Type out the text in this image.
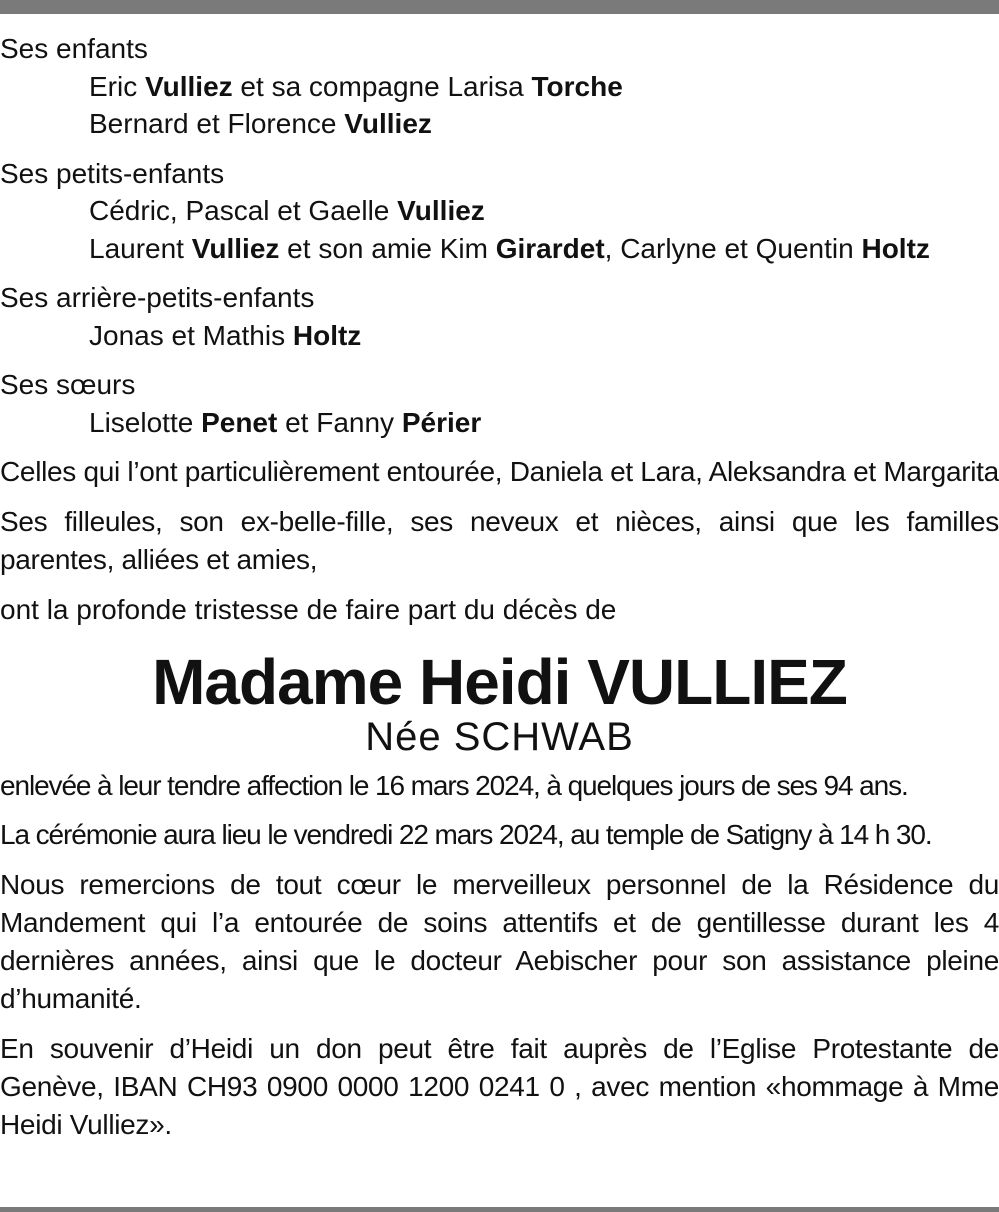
Ses enfants
Eric Vulliez et sa compagne Larisa Torche
Bernard et Florence Vulliez
Ses petits-enfants
Cédric, Pascal et Gaelle Vulliez
Laurent Vulliez et son amie Kim Girardet, Carlyne et Quentin Holtz
Ses arrière-petits-enfants
Jonas et Mathis Holtz
Ses sœurs
Liselotte Penet et Fanny Périer
Celles qui l’ont particulièrement entourée, Daniela et Lara, Aleksandra et Margarita
Ses filleules, son ex-belle-fille, ses neveux et nièces, ainsi que les familles parentes, alliées et amies,
ont la profonde tristesse de faire part du décès de
Madame Heidi VULLIEZ
Née SCHWAB
enlevée à leur tendre affection le 16 mars 2024, à quelques jours de ses 94 ans.
La cérémonie aura lieu le vendredi 22 mars 2024, au temple de Satigny à 14 h 30.
Nous remercions de tout cœur le merveilleux personnel de la Résidence du Mandement qui l’a entourée de soins attentifs et de gentillesse durant les 4 dernières années, ainsi que le docteur Aebischer pour son assistance pleine d’humanité.
En souvenir d’Heidi un don peut être fait auprès de l’Eglise Protestante de Genève, IBAN CH93 0900 0000 1200 0241 0 , avec mention «hommage à Mme Heidi Vulliez».
